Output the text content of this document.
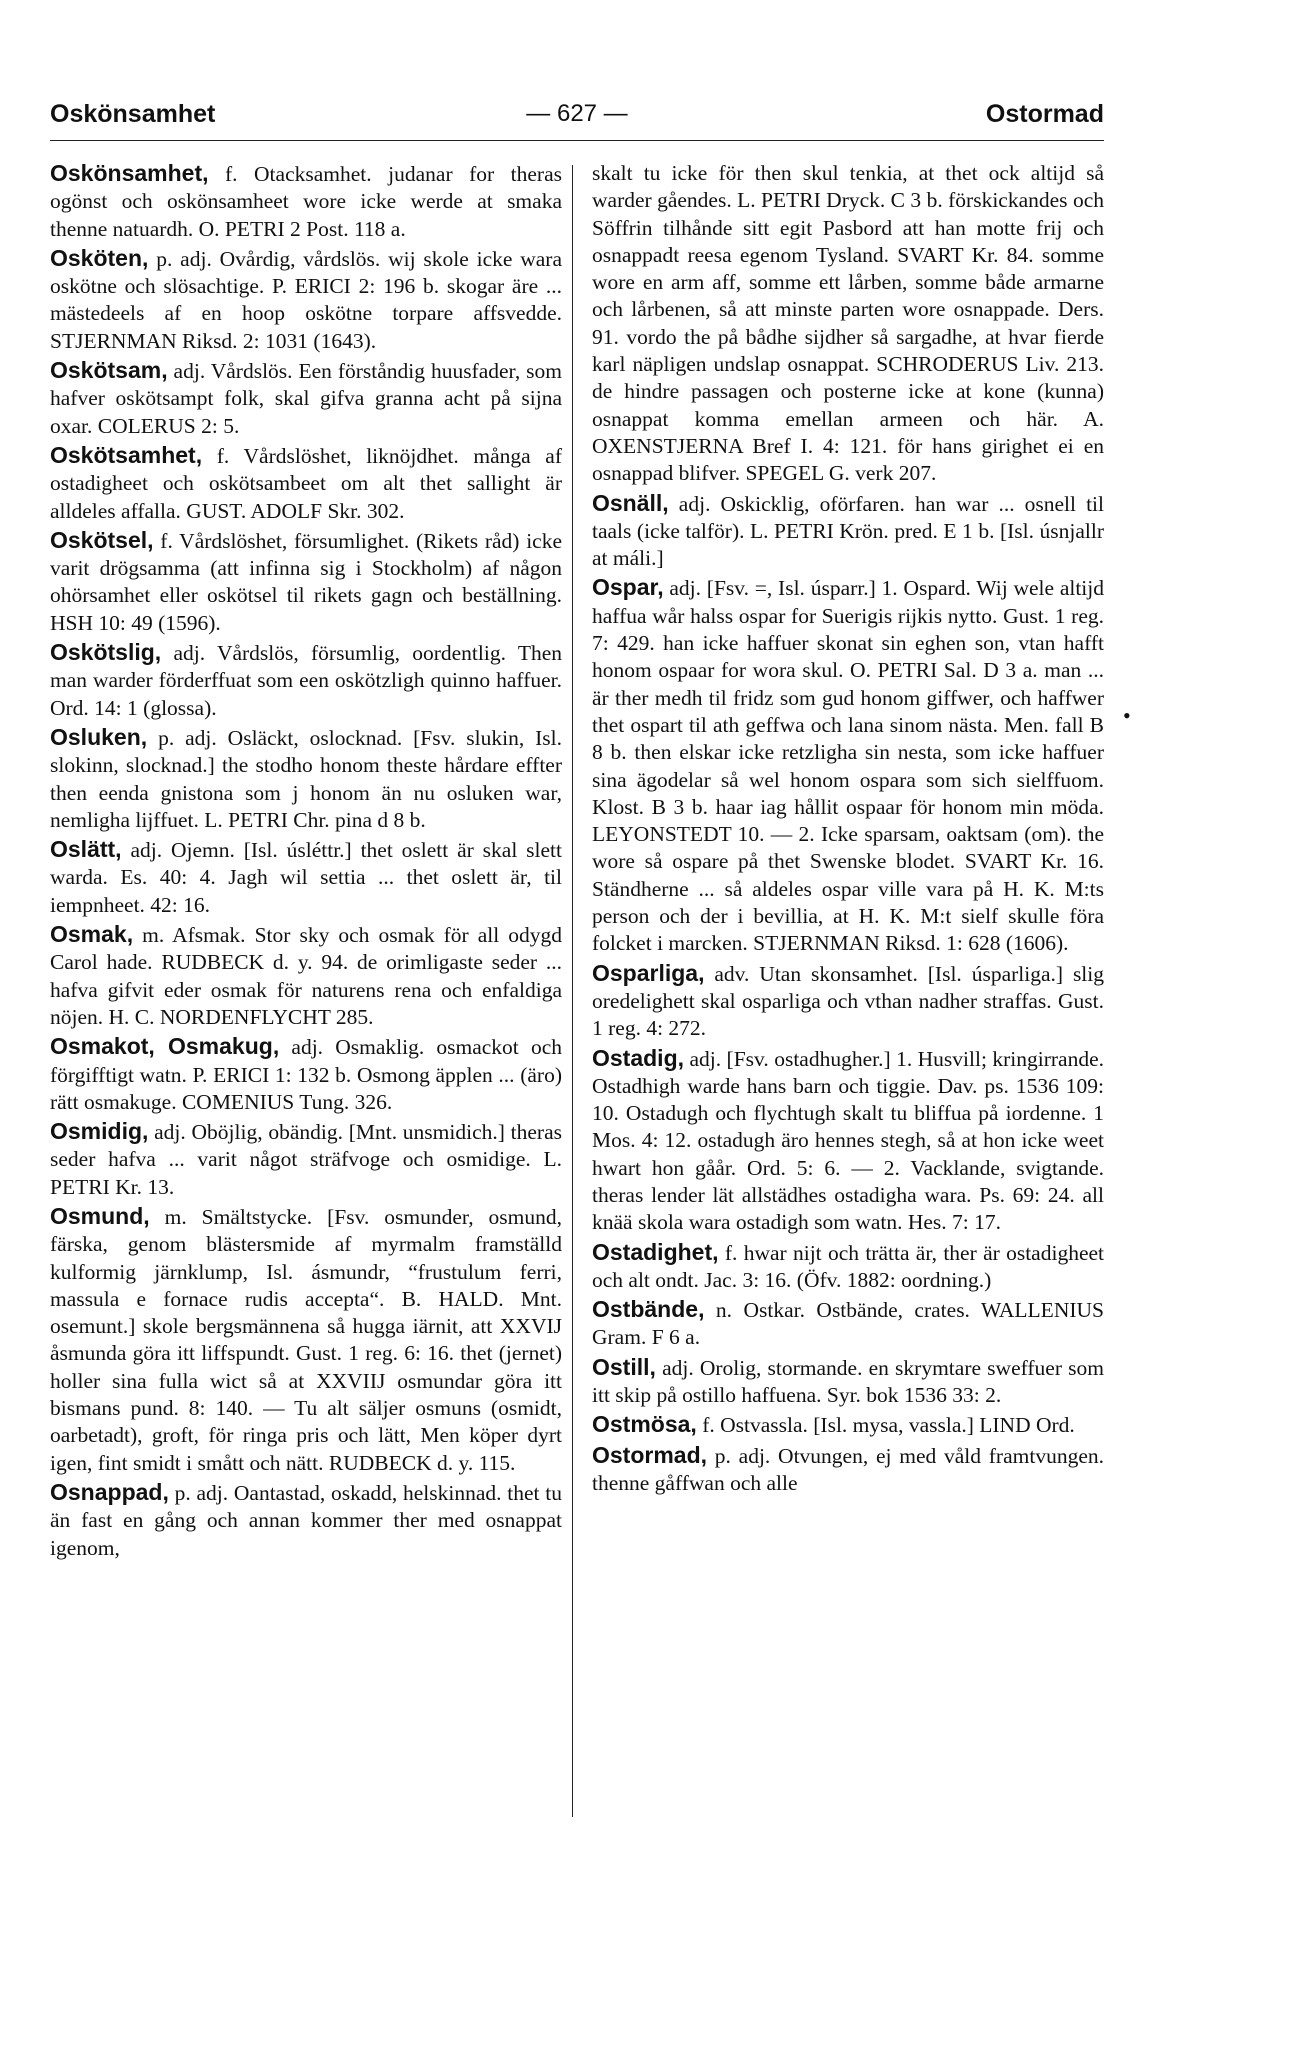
Oskönsamhet	— 627 —	Ostormad

Oskönsamhet, f. Otacksamhet. judanar for theras ogönst och oskönsamheet wore icke werde at smaka thenne natuardh. O. PETRI 2 Post. 118 a.

Osköten, p. adj. Ovårdig, vårdslös. wij skole icke wara oskötne och slösachtige. P. ERICI 2: 196 b. skogar äre ... mästedeels af en hoop oskötne torpare affsvedde. STJERNMAN Riksd. 2: 1031 (1643).

Oskötsam, adj. Vårdslös. Een förståndig huusfader, som hafver oskötsampt folk, skal gifva granna acht på sijna oxar. COLERUS 2: 5.

Oskötsamhet, f. Vårdslöshet, liknöjdhet. många af ostadigheet och oskötsambeet om alt thet sallight är alldeles affalla. GUST. ADOLF Skr. 302.

Oskötsel, f. Vårdslöshet, försumlighet. (Rikets råd) icke varit drögsamma (att infinna sig i Stockholm) af någon ohörsamhet eller oskötsel til rikets gagn och beställning. HSH 10: 49 (1596).

Oskötslig, adj. Vårdslös, försumlig, oordentlig. Then man warder förderffuat som een oskötzligh quinno haffuer. Ord. 14: 1 (glossa).

Osluken, p. adj. Osläckt, oslocknad. [Fsv. slukin, Isl. slokinn, slocknad.] the stodho honom theste hårdare effter then eenda gnistona som j honom än nu osluken war, nemligha lijffuet. L. PETRI Chr. pina d 8 b.

Oslätt, adj. Ojemn. [Isl. úsléttr.] thet oslett är skal slett warda. Es. 40: 4. Jagh wil settia ... thet oslett är, til iempnheet. 42: 16.

Osmak, m. Afsmak. Stor sky och osmak för all odygd Carol hade. RUDBECK d. y. 94. de orimligaste seder ... hafva gifvit eder osmak för naturens rena och enfaldiga nöjen. H. C. NORDENFLYCHT 285.

Osmakot, Osmakug, adj. Osmaklig. osmackot och förgifftigt watn. P. ERICI 1: 132 b. Osmong äpplen ... (äro) rätt osmakuge. COMENIUS Tung. 326.

Osmidig, adj. Oböjlig, obändig. [Mnt. unsmidich.] theras seder hafva ... varit något sträfvoge och osmidige. L. PETRI Kr. 13.

Osmund, m. Smältstycke. [Fsv. osmunder, osmund, färska, genom blästersmide af myrmalm framställd kulformig järnklump, Isl. ásmundr, “frustulum ferri, massula e fornace rudis accepta“. B. HALD. Mnt. osemunt.] skole bergsmännena så hugga iärnit, att XXVIJ åsmunda göra itt liffspundt. Gust. 1 reg. 6: 16. thet (jernet) holler sina fulla wict så at XXVIIJ osmundar göra itt bismans pund. 8: 140. — Tu alt säljer osmuns (osmidt, oarbetadt), groft, för ringa pris och lätt, Men köper dyrt igen, fint smidt i smått och nätt. RUDBECK d. y. 115.

Osnappad, p. adj. Oantastad, oskadd, helskinnad. thet tu än fast en gång och annan kommer ther med osnappat igenom,

skalt tu icke för then skul tenkia, at thet ock altijd så warder gåendes. L. PETRI Dryck. C 3 b. förskickandes och Söffrin tilhånde sitt egit Pasbord att han motte frij och osnappadt reesa egenom Tysland. SVART Kr. 84. somme wore en arm aff, somme ett lårben, somme både armarne och lårbenen, så att minste parten wore osnappade. Ders. 91. vordo the på bådhe sijdher så sargadhe, at hvar fierde karl näpligen undslap osnappat. SCHRODERUS Liv. 213. de hindre passagen och posterne icke at kone (kunna) osnappat komma emellan armeen och här. A. OXENSTJERNA Bref I. 4: 121. för hans girighet ei en osnappad blifver. SPEGEL G. verk 207.

Osnäll, adj. Oskicklig, oförfaren. han war ... osnell til taals (icke talför). L. PETRI Krön. pred. E 1 b. [Isl. úsnjallr at máli.]

Ospar, adj. [Fsv. =, Isl. úsparr.] 1. Ospard. Wij wele altijd haffua wår halss ospar for Suerigis rijkis nytto. Gust. 1 reg. 7: 429. han icke haffuer skonat sin eghen son, vtan hafft honom ospaar for wora skul. O. PETRI Sal. D 3 a. man ... är ther medh til fridz som gud honom giffwer, och haffwer thet ospart til ath geffwa och lana sinom nästa. Men. fall B 8 b. then elskar icke retzligha sin nesta, som icke haffuer sina ägodelar så wel honom ospara som sich sielffuom. Klost. B 3 b. haar iag hållit ospaar för honom min möda. LEYONSTEDT 10. — 2. Icke sparsam, oaktsam (om). the wore så ospare på thet Swenske blodet. SVART Kr. 16. Ständherne ... så aldeles ospar ville vara på H. K. M:ts person och der i bevillia, at H. K. M:t sielf skulle föra folcket i marcken. STJERNMAN Riksd. 1: 628 (1606).

Osparliga, adv. Utan skonsamhet. [Isl. úsparliga.] slig oredelighett skal osparliga och vthan nadher straffas. Gust. 1 reg. 4: 272.

Ostadig, adj. [Fsv. ostadhugher.] 1. Husvill; kringirrande. Ostadhigh warde hans barn och tiggie. Dav. ps. 1536 109: 10. Ostadugh och flychtugh skalt tu bliffua på iordenne. 1 Mos. 4: 12. ostadugh äro hennes stegh, så at hon icke weet hwart hon gåår. Ord. 5: 6. — 2. Vacklande, svigtande. theras lender lät allstädhes ostadigha wara. Ps. 69: 24. all knää skola wara ostadigh som watn. Hes. 7: 17.

Ostadighet, f. hwar nijt och trätta är, ther är ostadigheet och alt ondt. Jac. 3: 16. (Öfv. 1882: oordning.)

Ostbände, n. Ostkar. Ostbände, crates. WALLENIUS Gram. F 6 a.

Ostill, adj. Orolig, stormande. en skrymtare sweffuer som itt skip på ostillo haffuena. Syr. bok 1536 33: 2.

Ostmösa, f. Ostvassla. [Isl. mysa, vassla.] LIND Ord.

Ostormad, p. adj. Otvungen, ej med våld framtvungen. thenne gåffwan och alle

•
